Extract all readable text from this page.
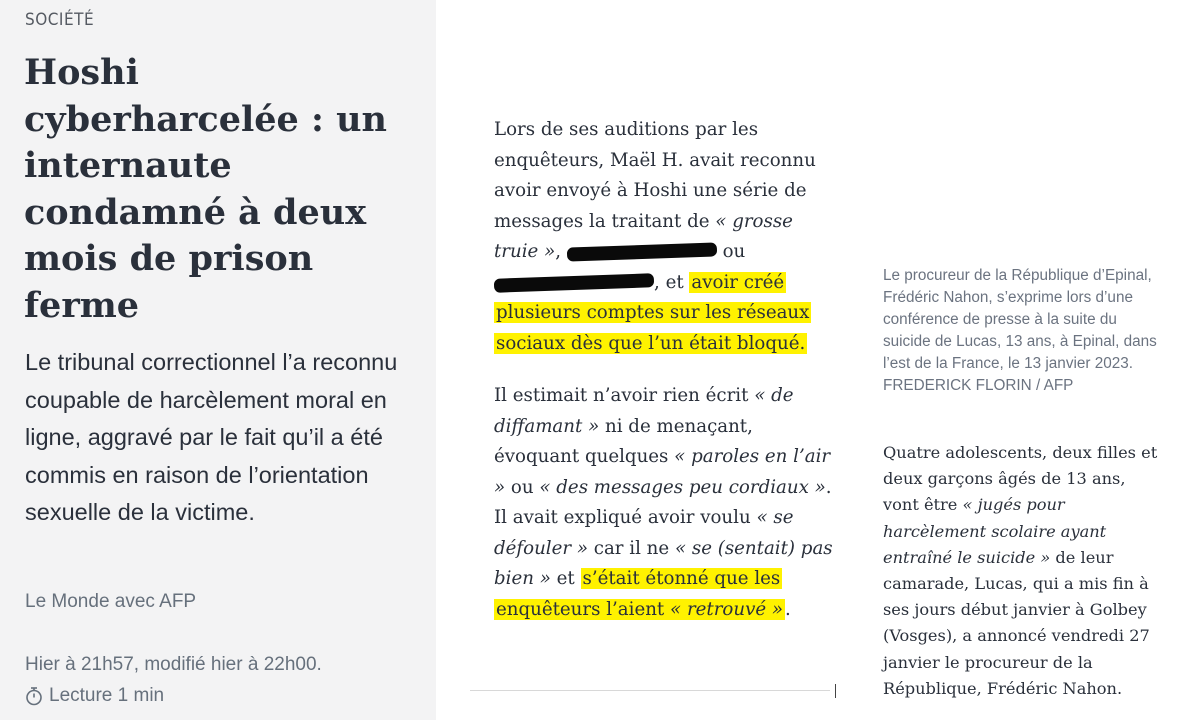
SOCIÉTÉ
Hoshi cyberharcelée : un internaute condamné à deux mois de prison ferme

Le tribunal correctionnel l’a reconnu coupable de harcèlement moral en ligne, aggravé par le fait qu’il a été commis en raison de l’orientation sexuelle de la victime.

Le Monde avec AFP
Hier à 21h57, modifié hier à 22h00.
Lecture 1 min

Lors de ses auditions par les enquêteurs, Maël H. avait reconnu avoir envoyé à Hoshi une série de messages la traitant de « grosse truie »,	ou , et avoir créé plusieurs comptes sur les réseaux sociaux dès que l’un était bloqué.

Il estimait n’avoir rien écrit « de diffamant » ni de menaçant, évoquant quelques « paroles en l’air » ou « des messages peu cordiaux ». Il avait expliqué avoir voulu « se défouler » car il ne « se (sentait) pas bien » et s’était étonné que les enquêteurs l’aient « retrouvé » .

Le procureur de la République d’Epinal, Frédéric Nahon, s’exprime lors d’une conférence de presse à la suite du suicide de Lucas, 13 ans, à Epinal, dans l’est de la France, le 13 janvier 2023. FREDERICK FLORIN / AFP

Quatre adolescents, deux filles et deux garçons âgés de 13 ans, vont être « jugés pour harcèlement scolaire ayant entraîné le suicide » de leur camarade, Lucas, qui a mis fin à ses jours début janvier à Golbey (Vosges), a annoncé vendredi 27 janvier le procureur de la République, Frédéric Nahon.
